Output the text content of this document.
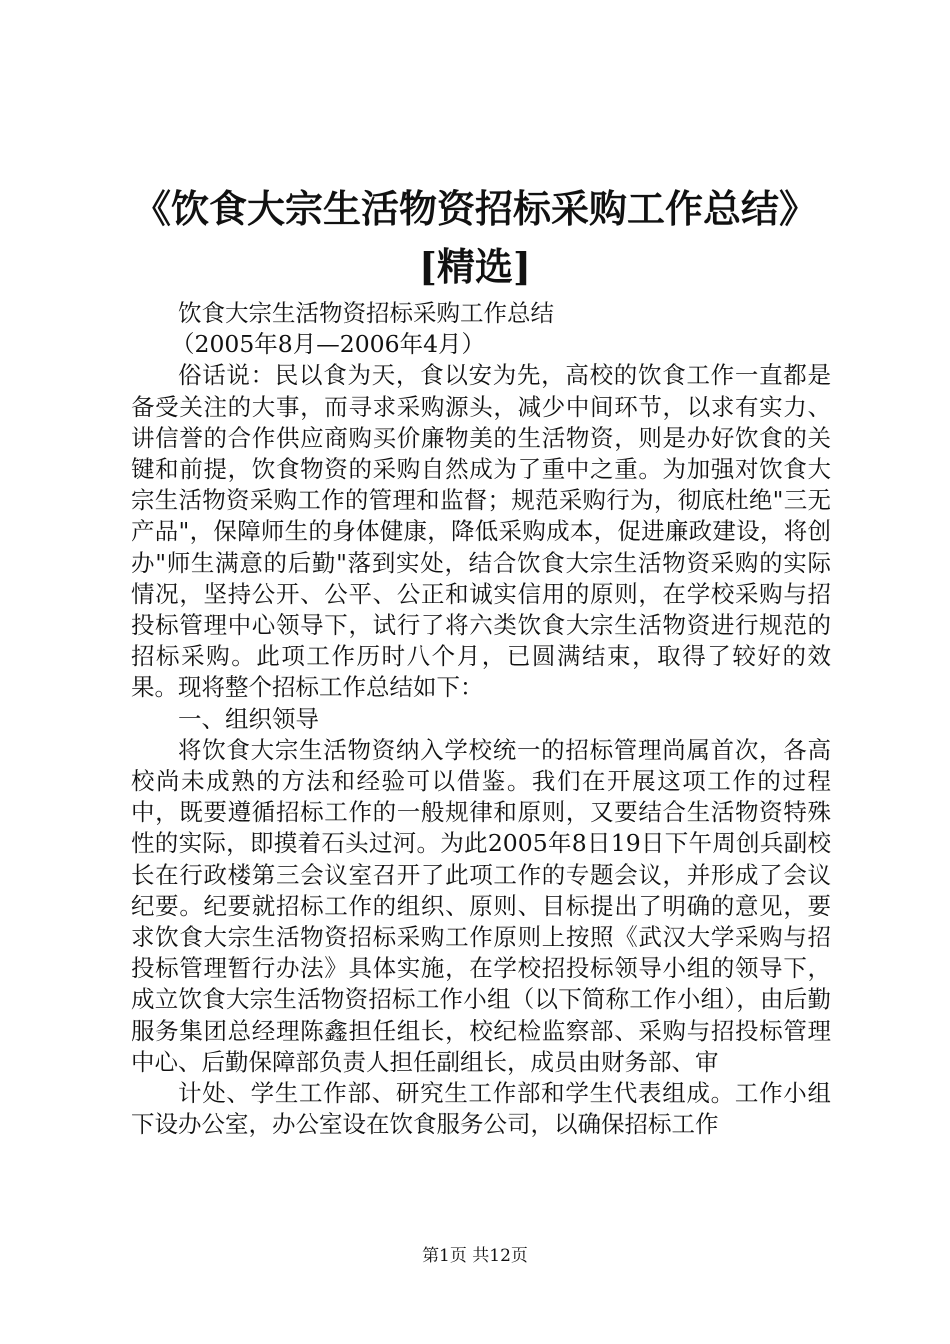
《饮食大宗生活物资招标采购工作总结》[精选]

饮食大宗生活物资招标采购工作总结

（2005年8月—2006年4月）

俗话说：民以食为天，食以安为先，高校的饮食工作一直都是备受关注的大事，而寻求采购源头，减少中间环节，以求有实力、讲信誉的合作供应商购买价廉物美的生活物资，则是办好饮食的关键和前提，饮食物资的采购自然成为了重中之重。为加强对饮食大宗生活物资采购工作的管理和监督；规范采购行为，彻底杜绝"三无产品"，保障师生的身体健康，降低采购成本，促进廉政建设，将创办"师生满意的后勤"落到实处，结合饮食大宗生活物资采购的实际情况，坚持公开、公平、公正和诚实信用的原则，在学校采购与招投标管理中心领导下，试行了将六类饮食大宗生活物资进行规范的招标采购。此项工作历时八个月，已圆满结束，取得了较好的效果。现将整个招标工作总结如下：

一、组织领导

将饮食大宗生活物资纳入学校统一的招标管理尚属首次，各高校尚未成熟的方法和经验可以借鉴。我们在开展这项工作的过程中，既要遵循招标工作的一般规律和原则，又要结合生活物资特殊性的实际，即摸着石头过河。为此2005年8日19日下午周创兵副校长在行政楼第三会议室召开了此项工作的专题会议，并形成了会议纪要。纪要就招标工作的组织、原则、目标提出了明确的意见，要求饮食大宗生活物资招标采购工作原则上按照《武汉大学采购与招投标管理暂行办法》具体实施，在学校招投标领导小组的领导下，成立饮食大宗生活物资招标工作小组（以下简称工作小组），由后勤服务集团总经理陈鑫担任组长，校纪检监察部、采购与招投标管理中心、后勤保障部负责人担任副组长，成员由财务部、审

计处、学生工作部、研究生工作部和学生代表组成。工作小组下设办公室，办公室设在饮食服务公司，以确保招标工作

第1页 共12页
